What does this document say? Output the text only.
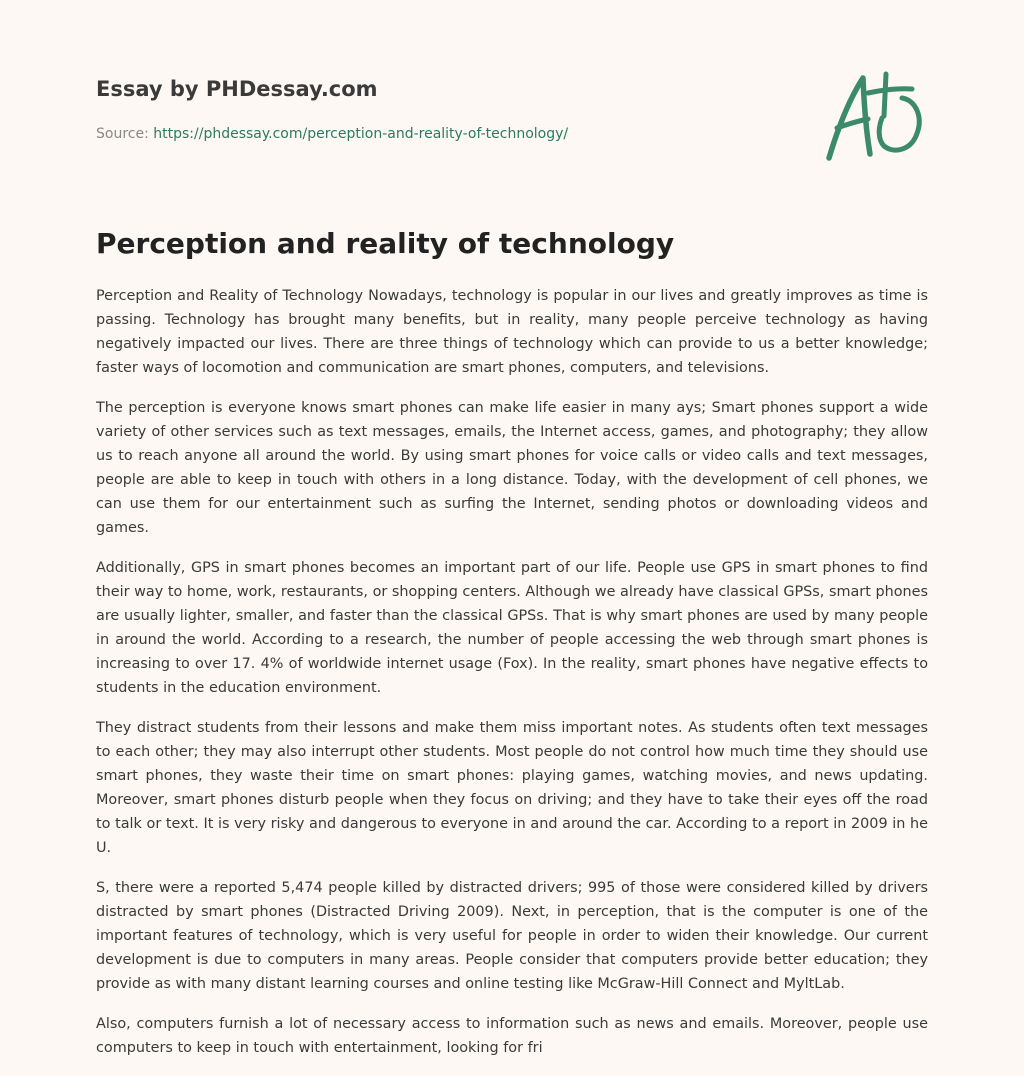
Essay by PHDessay.com
Source: https://phdessay.com/perception-and-reality-of-technology/
Perception and reality of technology

Perception and Reality of Technology Nowadays, technology is popular in our lives and greatly improves as time is passing. Technology has brought many benefits, but in reality, many people perceive technology as having negatively impacted our lives. There are three things of technology which can provide to us a better knowledge; faster ways of locomotion and communication are smart phones, computers, and televisions.

The perception is everyone knows smart phones can make life easier in many ays; Smart phones support a wide variety of other services such as text messages, emails, the Internet access, games, and photography; they allow us to reach anyone all around the world. By using smart phones for voice calls or video calls and text messages, people are able to keep in touch with others in a long distance. Today, with the development of cell phones, we can use them for our entertainment such as surfing the Internet, sending photos or downloading videos and games.

Additionally, GPS in smart phones becomes an important part of our life. People use GPS in smart phones to find their way to home, work, restaurants, or shopping centers. Although we already have classical GPSs, smart phones are usually lighter, smaller, and faster than the classical GPSs. That is why smart phones are used by many people in around the world. According to a research, the number of people accessing the web through smart phones is increasing to over 17. 4% of worldwide internet usage (Fox). In the reality, smart phones have negative effects to students in the education environment.

They distract students from their lessons and make them miss important notes. As students often text messages to each other; they may also interrupt other students. Most people do not control how much time they should use smart phones, they waste their time on smart phones: playing games, watching movies, and news updating. Moreover, smart phones disturb people when they focus on driving; and they have to take their eyes off the road to talk or text. It is very risky and dangerous to everyone in and around the car. According to a report in 2009 in he U.

S, there were a reported 5,474 people killed by distracted drivers; 995 of those were considered killed by drivers distracted by smart phones (Distracted Driving 2009). Next, in perception, that is the computer is one of the important features of technology, which is very useful for people in order to widen their knowledge. Our current development is due to computers in many areas. People consider that computers provide better education; they provide as with many distant learning courses and online testing like McGraw-Hill Connect and MyltLab.

Also, computers furnish a lot of necessary access to information such as news and emails. Moreover, people use computers to keep in touch with entertainment, looking for fri
